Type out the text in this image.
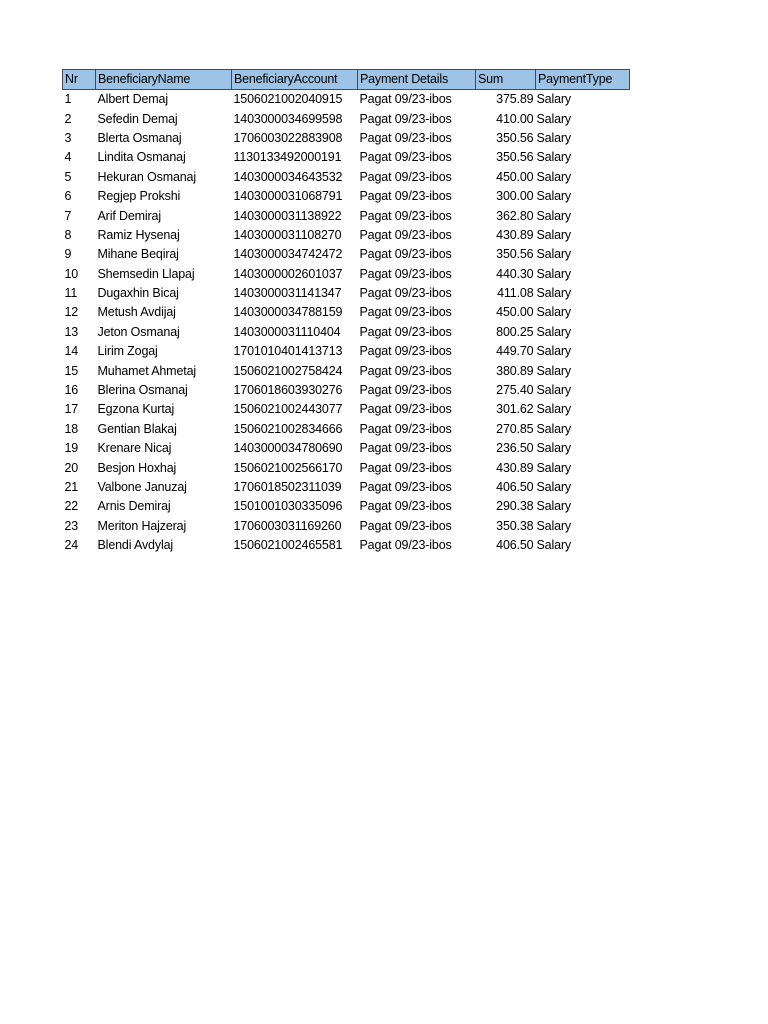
Nr	BeneficiaryName	BeneficiaryAccount	Payment Details	Sum	PaymentType
1	Albert Demaj	1506021002040915	Pagat 09/23-ibos	375.89	Salary
2	Sefedin Demaj	1403000034699598	Pagat 09/23-ibos	410.00	Salary
3	Blerta Osmanaj	1706003022883908	Pagat 09/23-ibos	350.56	Salary
4	Lindita Osmanaj	1130133492000191	Pagat 09/23-ibos	350.56	Salary
5	Hekuran Osmanaj	1403000034643532	Pagat 09/23-ibos	450.00	Salary
6	Regjep Prokshi	1403000031068791	Pagat 09/23-ibos	300.00	Salary
7	Arif Demiraj	1403000031138922	Pagat 09/23-ibos	362.80	Salary
8	Ramiz Hysenaj	1403000031108270	Pagat 09/23-ibos	430.89	Salary
9	Mihane Beqiraj	1403000034742472	Pagat 09/23-ibos	350.56	Salary
10	Shemsedin Llapaj	1403000002601037	Pagat 09/23-ibos	440.30	Salary
11	Dugaxhin Bicaj	1403000031141347	Pagat 09/23-ibos	411.08	Salary
12	Metush Avdijaj	1403000034788159	Pagat 09/23-ibos	450.00	Salary
13	Jeton Osmanaj	1403000031110404	Pagat 09/23-ibos	800.25	Salary
14	Lirim Zogaj	1701010401413713	Pagat 09/23-ibos	449.70	Salary
15	Muhamet Ahmetaj	1506021002758424	Pagat 09/23-ibos	380.89	Salary
16	Blerina Osmanaj	1706018603930276	Pagat 09/23-ibos	275.40	Salary
17	Egzona Kurtaj	1506021002443077	Pagat 09/23-ibos	301.62	Salary
18	Gentian Blakaj	1506021002834666	Pagat 09/23-ibos	270.85	Salary
19	Krenare Nicaj	1403000034780690	Pagat 09/23-ibos	236.50	Salary
20	Besjon Hoxhaj	1506021002566170	Pagat 09/23-ibos	430.89	Salary
21	Valbone Januzaj	1706018502311039	Pagat 09/23-ibos	406.50	Salary
22	Arnis Demiraj	1501001030335096	Pagat 09/23-ibos	290.38	Salary
23	Meriton Hajzeraj	1706003031169260	Pagat 09/23-ibos	350.38	Salary
24	Blendi Avdylaj	1506021002465581	Pagat 09/23-ibos	406.50	Salary
